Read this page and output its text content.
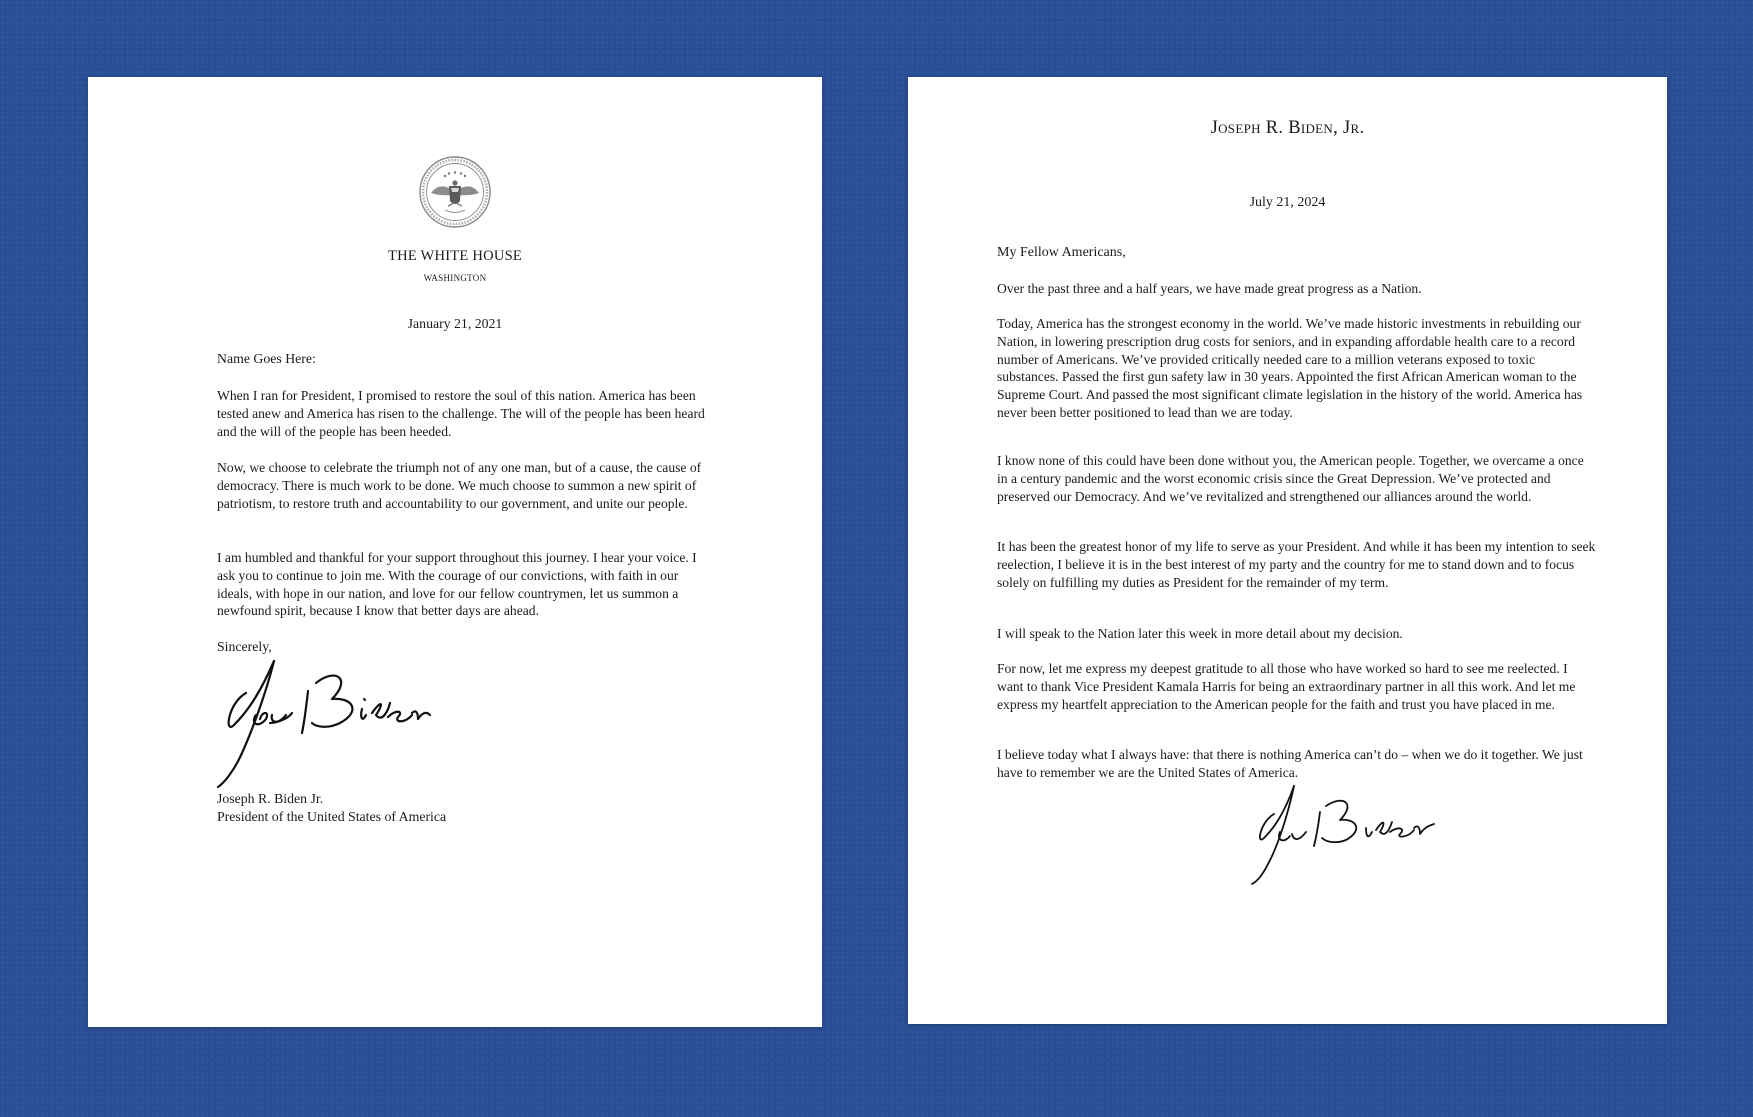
THE WHITE HOUSE
WASHINGTON
January 21, 2021
Name Goes Here:

When I ran for President, I promised to restore the soul of this nation. America has been tested anew and America has risen to the challenge. The will of the people has been heard and the will of the people has been heeded.

Now, we choose to celebrate the triumph not of any one man, but of a cause, the cause of democracy. There is much work to be done. We much choose to summon a new spirit of patriotism, to restore truth and accountability to our government, and unite our people.

I am humbled and thankful for your support throughout this journey. I hear your voice. I ask you to continue to join me. With the courage of our convictions, with faith in our ideals, with hope in our nation, and love for our fellow countrymen, let us summon a newfound spirit, because I know that better days are ahead.

Sincerely,
Joseph R. Biden Jr.
President of the United States of America
Joseph R. Biden, Jr.
July 21, 2024
My Fellow Americans,

Over the past three and a half years, we have made great progress as a Nation.

Today, America has the strongest economy in the world. We’ve made historic investments in rebuilding our Nation, in lowering prescription drug costs for seniors, and in expanding affordable health care to a record number of Americans. We’ve provided critically needed care to a million veterans exposed to toxic substances. Passed the first gun safety law in 30 years. Appointed the first African American woman to the Supreme Court. And passed the most significant climate legislation in the history of the world. America has never been better positioned to lead than we are today.

I know none of this could have been done without you, the American people. Together, we overcame a once in a century pandemic and the worst economic crisis since the Great Depression. We’ve protected and preserved our Democracy. And we’ve revitalized and strengthened our alliances around the world.

It has been the greatest honor of my life to serve as your President. And while it has been my intention to seek reelection, I believe it is in the best interest of my party and the country for me to stand down and to focus solely on fulfilling my duties as President for the remainder of my term.

I will speak to the Nation later this week in more detail about my decision.

For now, let me express my deepest gratitude to all those who have worked so hard to see me reelected. I want to thank Vice President Kamala Harris for being an extraordinary partner in all this work. And let me express my heartfelt appreciation to the American people for the faith and trust you have placed in me.

I believe today what I always have: that there is nothing America can’t do – when we do it together. We just have to remember we are the United States of America.
